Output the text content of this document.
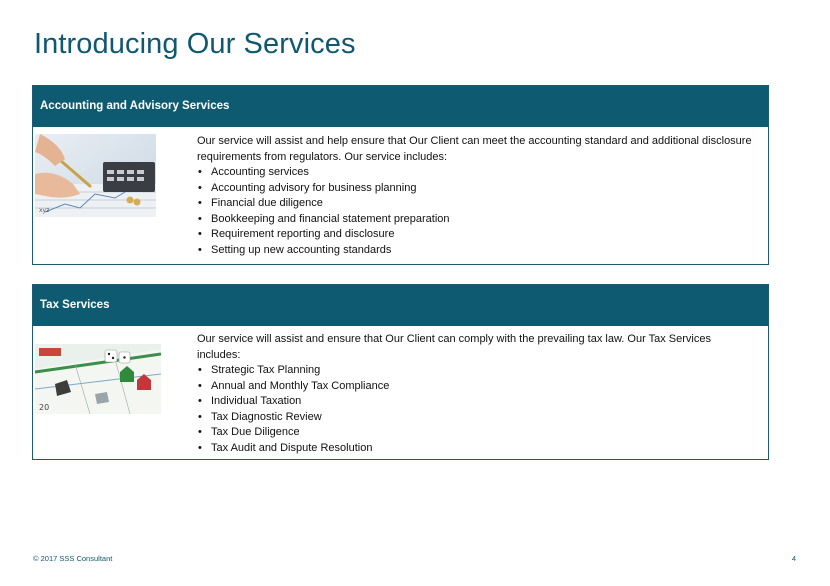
Introducing Our Services
Accounting and Advisory Services
xyz

Our service will assist and help ensure that Our Client can meet the accounting standard and additional disclosure requirements from regulators. Our service includes:

• Accounting services
• Accounting advisory for business planning
• Financial due diligence
• Bookkeeping and financial statement preparation
• Requirement reporting and disclosure
• Setting up new accounting standards
Tax Services
20

Our service will assist and ensure that Our Client can comply with the prevailing tax law. Our Tax Services includes:

• Strategic Tax Planning
• Annual and Monthly Tax Compliance
• Individual Taxation
• Tax Diagnostic Review
• Tax Due Diligence
• Tax Audit and Dispute Resolution
© 2017 SSS Consultant	4
